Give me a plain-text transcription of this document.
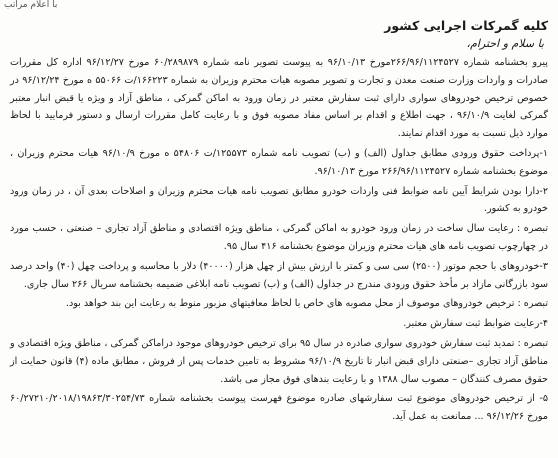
با اعلام مراتب
کلیه گمرکات اجرایی کشور
با سلام و احترام،

پیرو بخشنامه شماره ۲۶۶/۹۶/۱۱۲۴۵۲۷مورخ ۹۶/۱۰/۱۳ به پیوست تصویر نامه شماره ۶۰/۲۸۹۸۷۹ مورخ ۹۶/۱۲/۲۷ اداره کل مقررات صادرات و واردات وزارت صنعت معدن و تجارت و تصویر مصوبه هیات محترم وزیران به شماره ۱۶۶۲۲۳/ت ۵۵۰۶۶ ه مورخ ۹۶/۱۲/۲۴ در خصوص ترخیص خودروهای سواری دارای ثبت سفارش معتبر در زمان ورود به اماکن گمرکی ، مناطق آزاد و ویژه یا قبض انبار معتبر گمرکی لغایت ۹۶/۱۰/۹ ، جهت اطلاع و اقدام بر اساس مفاد مصوبه فوق و با رعایت کامل مقررات ارسال و دستور فرمایید با لحاظ موارد ذیل نسبت به مورد اقدام نمایند.

۱-پرداخت حقوق ورودی مطابق جداول (الف) و (ب) تصویب نامه شماره ۱۲۵۵۷۳/ت ۵۴۸۰۶ ه مورخ ۹۶/۱۰/۹ هیات محترم وزیران ، موضوع بخشنامه شماره ۲۶۶/۹۶/۱۱۲۴۵۲۷ مورخ ۹۶/۱۰/۱۳.

۲-دارا بودن شرایط آیین نامه ضوابط فنی واردات خودرو مطابق تصویب نامه هیات محترم وزیران و اصلاحات بعدی آن ، در زمان ورود خودرو به کشور.

تبصره : رعایت سال ساخت در زمان ورود خودرو به اماکن گمرکی ، مناطق ویژه اقتصادی و مناطق آزاد تجاری – صنعتی ، حسب مورد در چهارچوب تصویب نامه های هیات محترم وزیران موضوع بخشنامه ۴۱۶ سال ۹۵.

۳-خودروهای با حجم موتور (۲۵۰۰) سی سی و کمتر با ارزش بیش از چهل هزار (۴۰۰۰۰) دلار با محاسبه و پرداخت چهل (۴۰) واحد درصد سود بازرگانی مازاد بر مأخذ حقوق ورودی مندرج در جداول (الف) و (ب) تصویب نامه ابلاغی ضمیمه بخشنامه سریال ۲۶۶ سال جاری.

تبصره : ترخیص خودروهای موصوف از محل مصوبه های خاص با لحاظ معافیتهای مزبور منوط به رعایت این بند خواهد بود.

۴-رعایت ضوابط ثبت سفارش معتبر.

تبصره : تمدید ثبت سفارش خودروی سواری صادره در سال ۹۵ برای ترخیص خودروهای موجود دراماکن گمرکی ، مناطق ویژه اقتصادی و مناطق آزاد تجاری –صنعتی دارای قبض انبار تا تاریخ ۹۶/۱۰/۹ مشروط به تامین خدمات پس از فروش ، مطابق ماده (۴) قانون حمایت از حقوق مصرف کنندگان – مصوب سال ۱۳۸۸ و با رعایت بندهای فوق مجاز می باشد.

۵- از ترخیص خودروهای موضوع ثبت سفارشهای صادره موضوع فهرست پیوست بخشنامه شماره ۶۰/۲۷۲۱۰/۲۰۱۸/۱۹۸۶۳/۳۰۲۵۴/۷۳ مورخ ۹۶/۱۲/۲۶ ... ممانعت به عمل آید.
